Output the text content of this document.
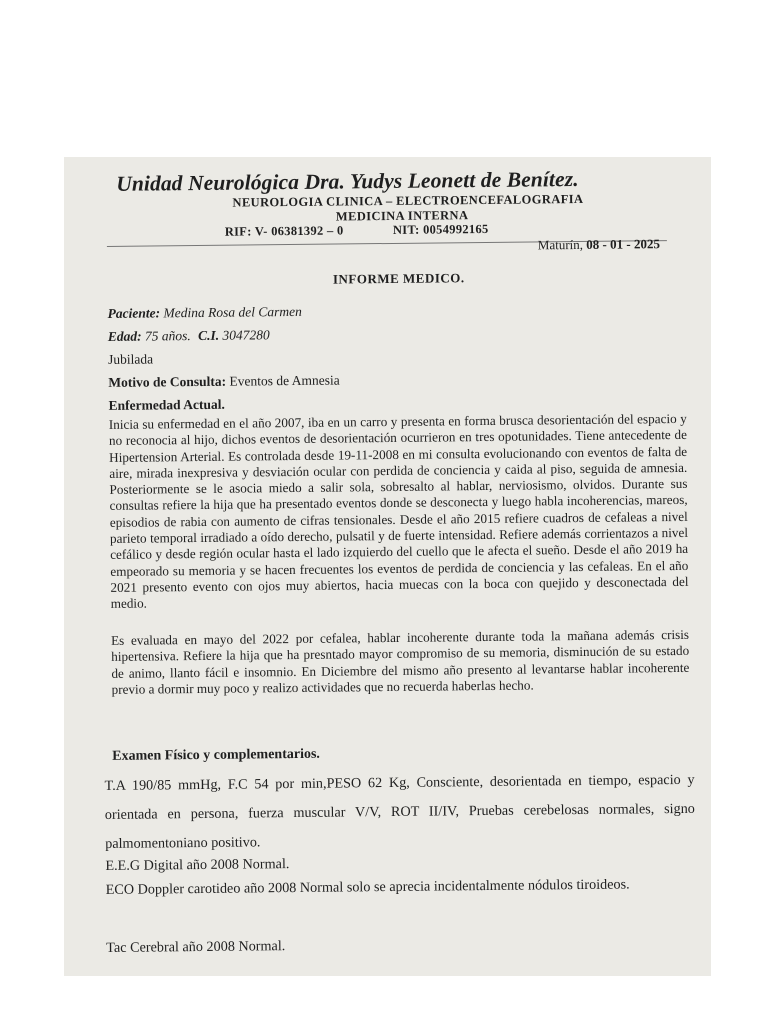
Unidad Neurológica Dra. Yudys Leonett de Benítez.
NEUROLOGIA CLINICA – ELECTROENCEFALOGRAFIA
MEDICINA INTERNA
RIF: V- 06381392 – 0	NIT: 0054992165
Maturín, 08 - 01 - 2025
INFORME MEDICO.
Paciente: Medina Rosa del Carmen
Edad: 75 años. C.I. 3047280
Jubilada
Motivo de Consulta: Eventos de Amnesia
Enfermedad Actual.
Inicia su enfermedad en el año 2007, iba en un carro y presenta en forma brusca desorientación del espacio y no reconocia al hijo, dichos eventos de desorientación ocurrieron en tres opotunidades. Tiene antecedente de Hipertension Arterial. Es controlada desde 19-11-2008 en mi consulta evolucionando con eventos de falta de aire, mirada inexpresiva y desviación ocular con perdida de conciencia y caida al piso, seguida de amnesia. Posteriormente se le asocia miedo a salir sola, sobresalto al hablar, nerviosismo, olvidos. Durante sus consultas refiere la hija que ha presentado eventos donde se desconecta y luego habla incoherencias, mareos, episodios de rabia con aumento de cifras tensionales. Desde el año 2015 refiere cuadros de cefaleas a nivel parieto temporal irradiado a oído derecho, pulsatil y de fuerte intensidad. Refiere además corrientazos a nivel cefálico y desde región ocular hasta el lado izquierdo del cuello que le afecta el sueño. Desde el año 2019 ha empeorado su memoria y se hacen frecuentes los eventos de perdida de conciencia y las cefaleas. En el año 2021 presento evento con ojos muy abiertos, hacia muecas con la boca con quejido y desconectada del medio.
Es evaluada en mayo del 2022 por cefalea, hablar incoherente durante toda la mañana además crisis hipertensiva. Refiere la hija que ha presntado mayor compromiso de su memoria, disminución de su estado de animo, llanto fácil e insomnio. En Diciembre del mismo año presento al levantarse hablar incoherente previo a dormir muy poco y realizo actividades que no recuerda haberlas hecho.
Examen Físico y complementarios.
T.A 190/85 mmHg, F.C 54 por min,PESO 62 Kg, Consciente, desorientada en tiempo, espacio y orientada en persona, fuerza muscular V/V, ROT II/IV, Pruebas cerebelosas normales, signo palmomentoniano positivo.
E.E.G Digital año 2008 Normal.
ECO Doppler carotideo año 2008 Normal solo se aprecia incidentalmente nódulos tiroideos.
Tac Cerebral año 2008 Normal.
